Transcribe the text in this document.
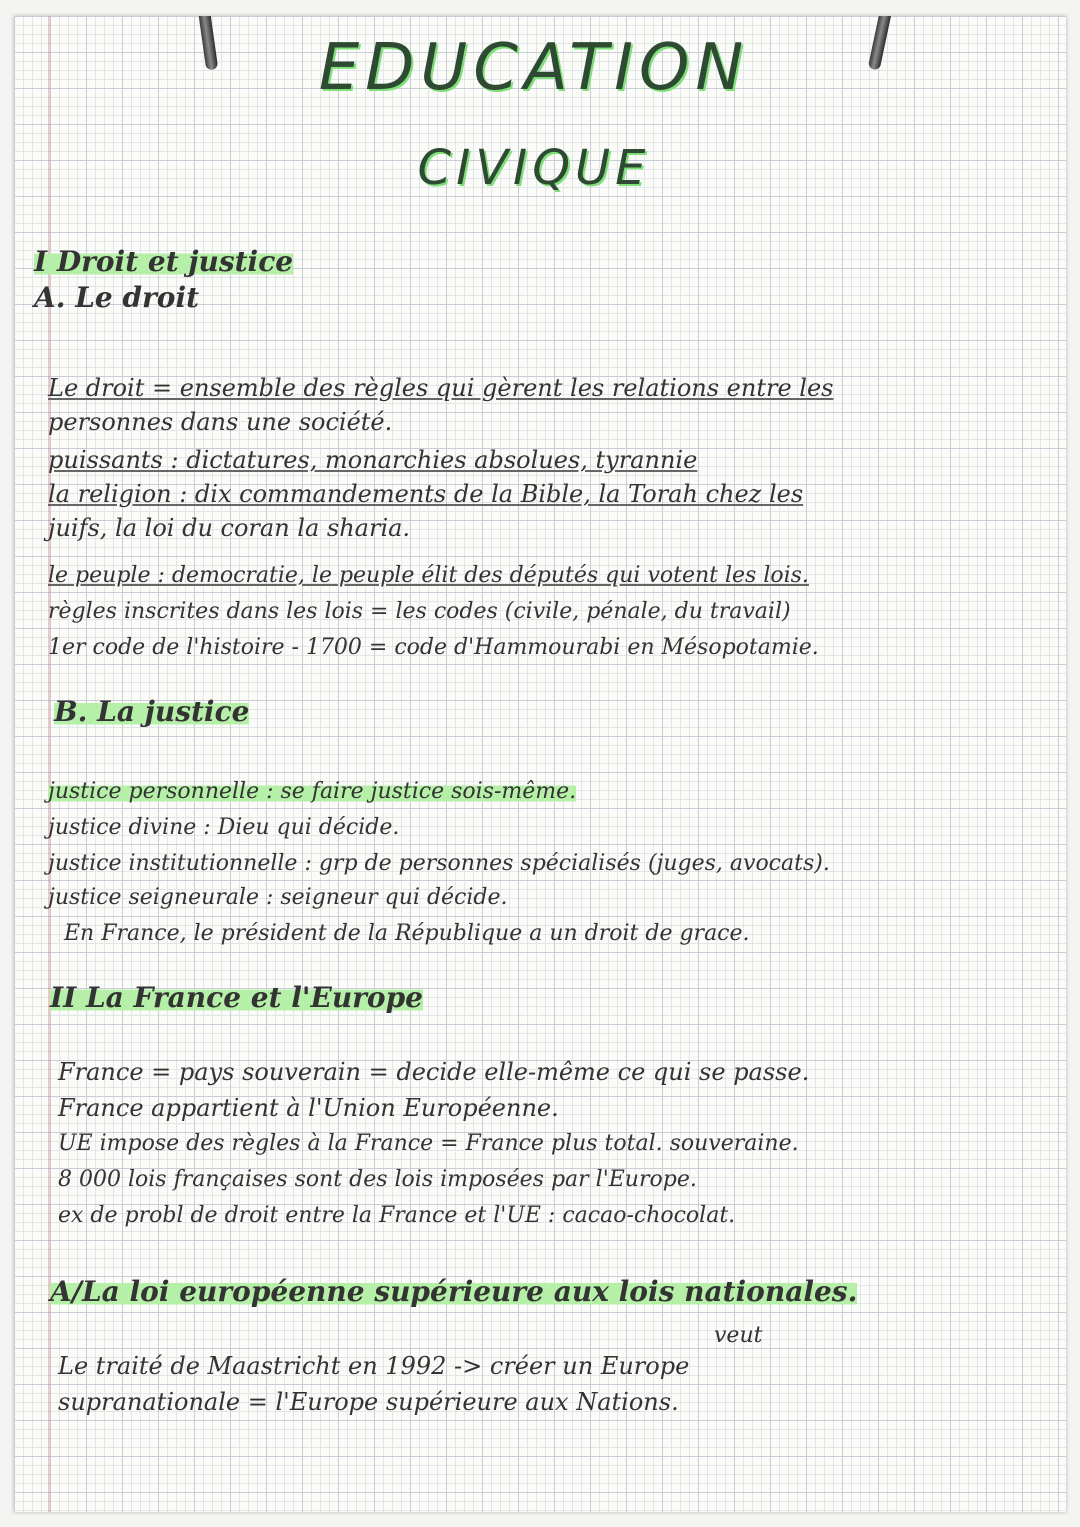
EDUCATION
CIVIQUE
I Droit et justice
A. Le droit
Le droit = ensemble des règles qui gèrent les relations entre les
personnes dans une société.
puissants : dictatures, monarchies absolues, tyrannie
la religion : dix commandements de la Bible, la Torah chez les
juifs, la loi du coran la sharia.
le peuple : democratie, le peuple élit des députés qui votent les lois.
règles inscrites dans les lois = les codes (civile, pénale, du travail)
1er code de l'histoire - 1700 = code d'Hammourabi en Mésopotamie.
B. La justice
justice personnelle : se faire justice sois-même.
justice divine : Dieu qui décide.
justice institutionnelle : grp de personnes spécialisés (juges, avocats).
justice seigneurale : seigneur qui décide.
En France, le président de la République a un droit de grace.
II La France et l'Europe
France = pays souverain = decide elle-même ce qui se passe.
France appartient à l'Union Européenne.
UE impose des règles à la France = France plus total. souveraine.
8 000 lois françaises sont des lois imposées par l'Europe.
ex de probl de droit entre la France et l'UE : cacao-chocolat.
A/La loi européenne supérieure aux lois nationales.
veut
Le traité de Maastricht en 1992 -> créer un Europe
supranationale = l'Europe supérieure aux Nations.
